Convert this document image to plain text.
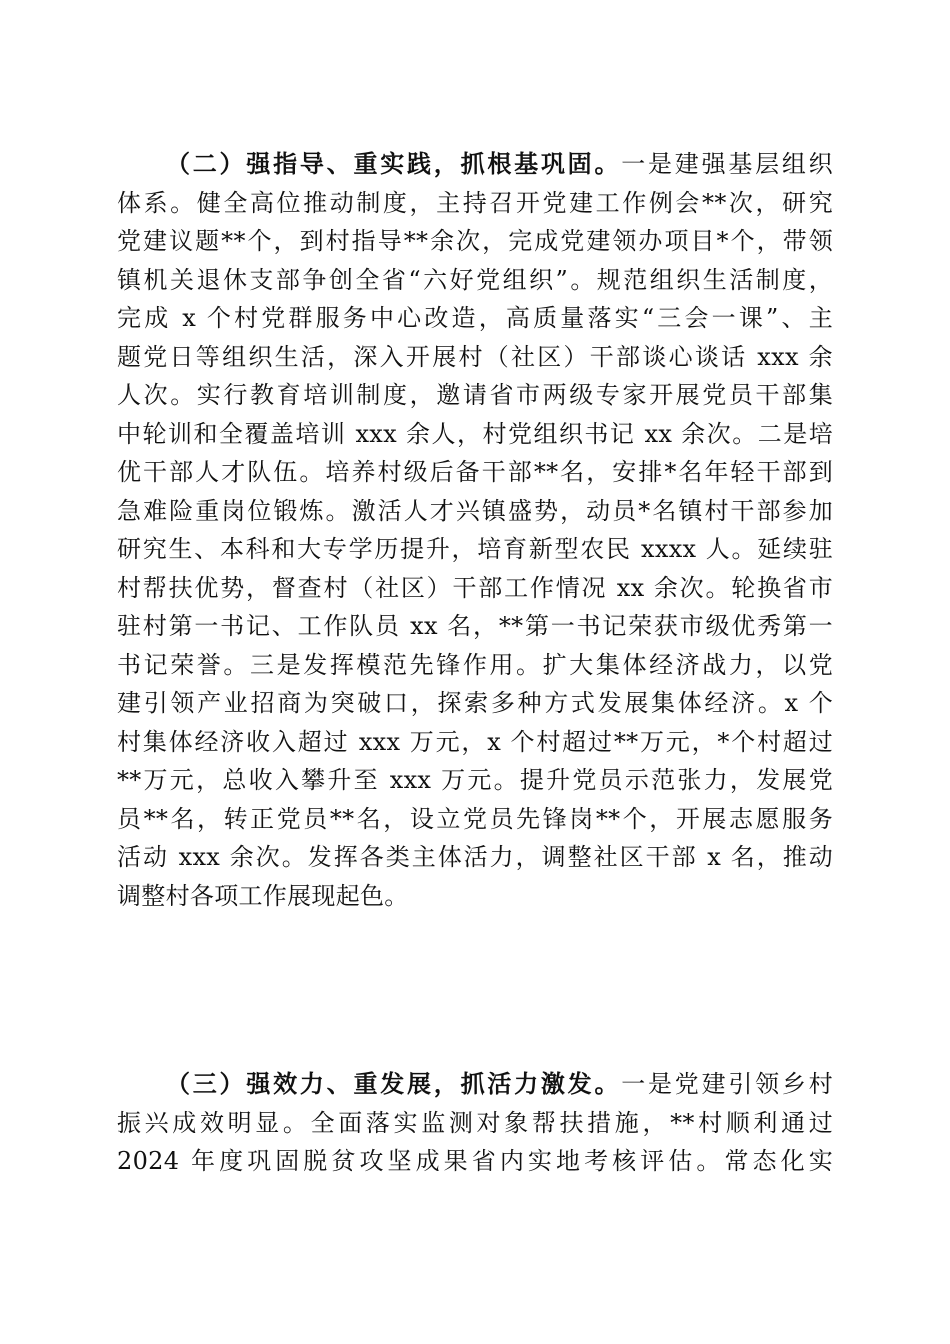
（二）强指导、重实践，抓根基巩固。一是建强基层组织
体系。健全高位推动制度，主持召开党建工作例会**次，研究
党建议题**个，到村指导**余次，完成党建领办项目*个，带领
镇机关退休支部争创全省“六好党组织”。规范组织生活制度，
完成 x 个村党群服务中心改造，高质量落实“三会一课”、主
题党日等组织生活，深入开展村（社区）干部谈心谈话 xxx 余
人次。实行教育培训制度，邀请省市两级专家开展党员干部集
中轮训和全覆盖培训 xxx 余人，村党组织书记 xx 余次。二是培
优干部人才队伍。培养村级后备干部**名，安排*名年轻干部到
急难险重岗位锻炼。激活人才兴镇盛势，动员*名镇村干部参加
研究生、本科和大专学历提升，培育新型农民 xxxx 人。延续驻
村帮扶优势，督查村（社区）干部工作情况 xx 余次。轮换省市
驻村第一书记、工作队员 xx 名，**第一书记荣获市级优秀第一
书记荣誉。三是发挥模范先锋作用。扩大集体经济战力，以党
建引领产业招商为突破口，探索多种方式发展集体经济。x 个
村集体经济收入超过 xxx 万元，x 个村超过**万元，*个村超过
**万元，总收入攀升至 xxx 万元。提升党员示范张力，发展党
员**名，转正党员**名，设立党员先锋岗**个，开展志愿服务
活动 xxx 余次。发挥各类主体活力，调整社区干部 x 名，推动
调整村各项工作展现起色。
（三）强效力、重发展，抓活力激发。一是党建引领乡村
振兴成效明显。全面落实监测对象帮扶措施，**村顺利通过
2024 年度巩固脱贫攻坚成果省内实地考核评估。常态化实
